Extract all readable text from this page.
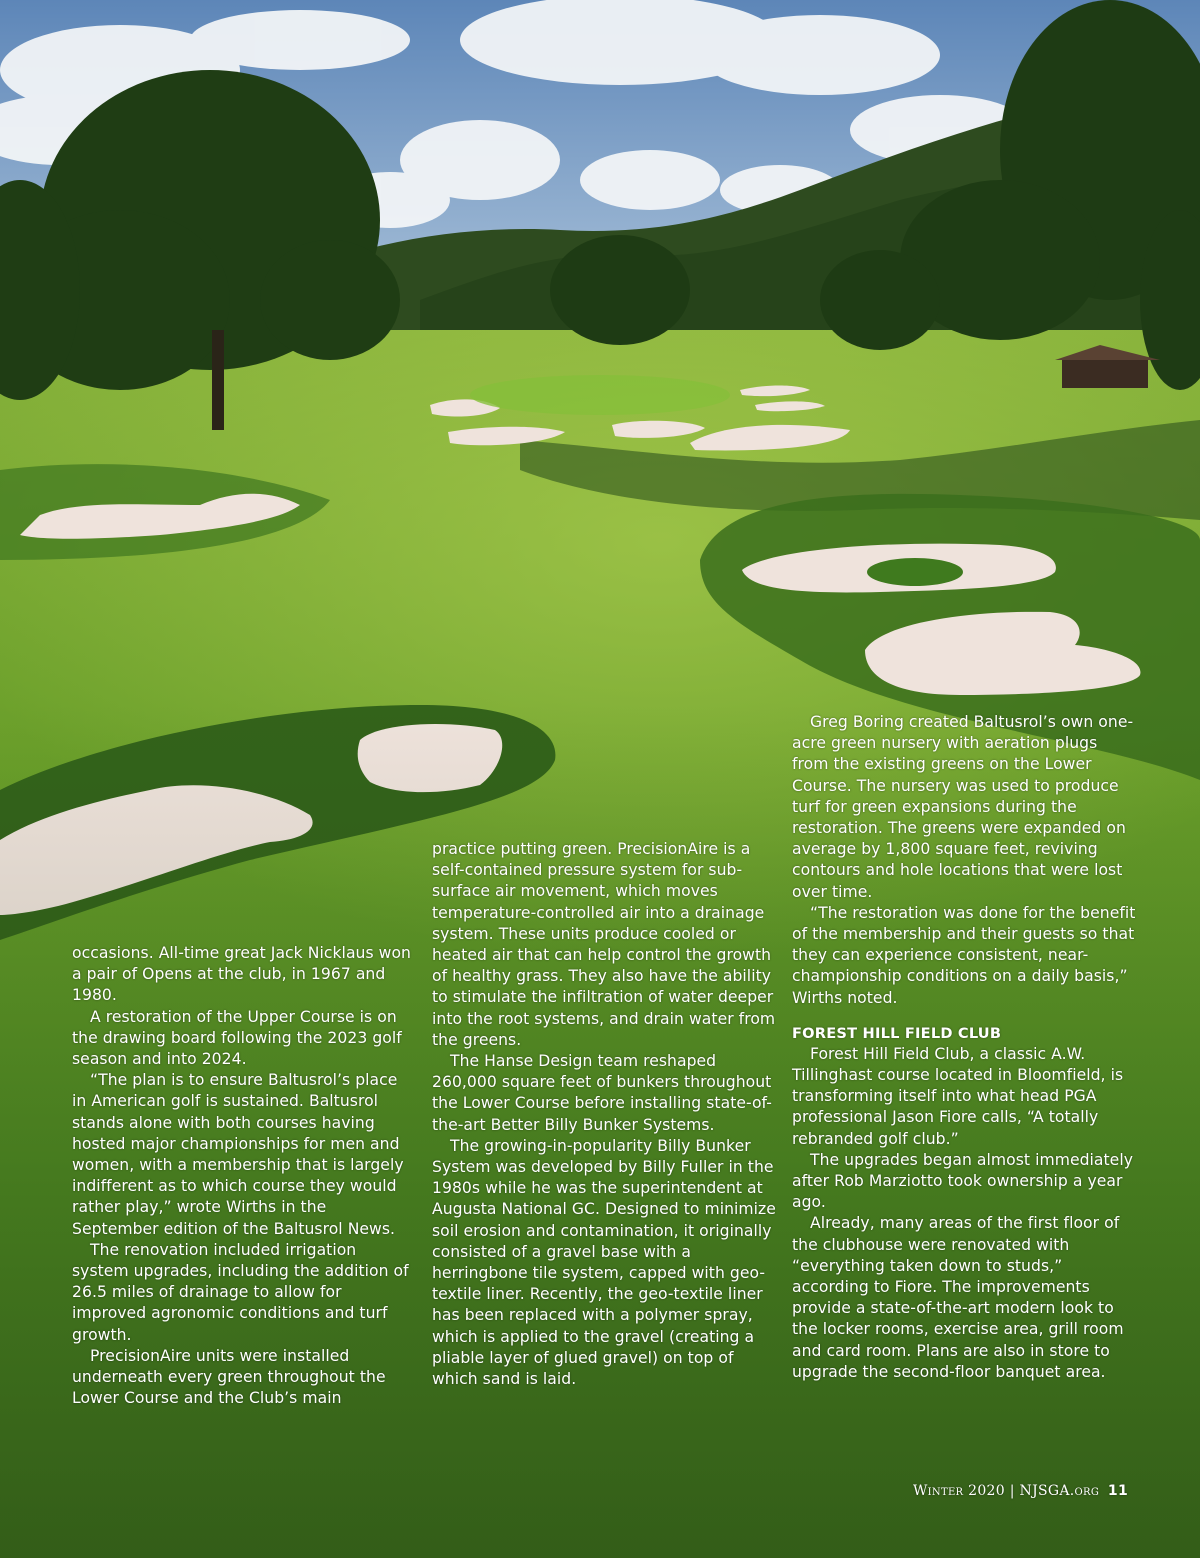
occasions. All-time great Jack Nicklaus won a pair of Opens at the club, in 1967 and 1980.

A restoration of the Upper Course is on the drawing board following the 2023 golf season and into 2024.

“The plan is to ensure Baltusrol’s place in American golf is sustained. Baltusrol stands alone with both courses having hosted major championships for men and women, with a membership that is largely indifferent as to which course they would rather play,” wrote Wirths in the September edition of the Baltusrol News.

The renovation included irrigation system upgrades, including the addition of 26.5 miles of drainage to allow for improved agronomic conditions and turf growth.

PrecisionAire units were installed underneath every green throughout the Lower Course and the Club’s main

practice putting green. PrecisionAire is a self-contained pressure system for sub-surface air movement, which moves temperature-controlled air into a drainage system. These units produce cooled or heated air that can help control the growth of healthy grass. They also have the ability to stimulate the infiltration of water deeper into the root systems, and drain water from the greens.

The Hanse Design team reshaped 260,000 square feet of bunkers throughout the Lower Course before installing state-of-the-art Better Billy Bunker Systems.

The growing-in-popularity Billy Bunker System was developed by Billy Fuller in the 1980s while he was the superintendent at Augusta National GC. Designed to minimize soil erosion and contamination, it originally consisted of a gravel base with a herringbone tile system, capped with geo-textile liner. Recently, the geo-textile liner has been replaced with a polymer spray, which is applied to the gravel (creating a pliable layer of glued gravel) on top of which sand is laid.

Greg Boring created Baltusrol’s own one-acre green nursery with aeration plugs from the existing greens on the Lower Course. The nursery was used to produce turf for green expansions during the restoration. The greens were expanded on average by 1,800 square feet, reviving contours and hole locations that were lost over time.

“The restoration was done for the benefit of the membership and their guests so that they can experience consistent, near-championship conditions on a daily basis,” Wirths noted.

FOREST HILL FIELD CLUB

Forest Hill Field Club, a classic A.W. Tillinghast course located in Bloomfield, is transforming itself into what head PGA professional Jason Fiore calls, “A totally rebranded golf club.”

The upgrades began almost immediately after Rob Marziotto took ownership a year ago.

Already, many areas of the first floor of the clubhouse were renovated with “everything taken down to studs,” according to Fiore. The improvements provide a state-of-the-art modern look to the locker rooms, exercise area, grill room and card room. Plans are also in store to upgrade the second-floor banquet area.

Winter 2020 | NJSGA.org 11
